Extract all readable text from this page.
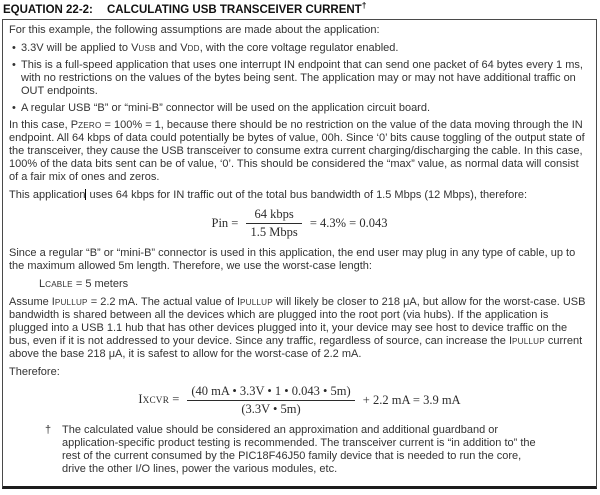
EQUATION 22-2:	CALCULATING USB TRANSCEIVER CURRENT†

For this example, the following assumptions are made about the application:

• 3.3V will be applied to VUSB and VDD, with the core voltage regulator enabled.
• This is a full-speed application that uses one interrupt IN endpoint that can send one packet of 64 bytes every 1 ms, with no restrictions on the values of the bytes being sent. The application may or may not have additional traffic on OUT endpoints.
• A regular USB “B” or “mini-B” connector will be used on the application circuit board.

In this case, PZERO = 100% = 1, because there should be no restriction on the value of the data moving through the IN endpoint. All 64 kbps of data could potentially be bytes of value, 00h. Since ‘0’ bits cause toggling of the output state of the transceiver, they cause the USB transceiver to consume extra current charging/discharging the cable. In this case, 100% of the data bits sent can be of value, ‘0’. This should be considered the “max” value, as normal data will consist of a fair mix of ones and zeros.

This application uses 64 kbps for IN traffic out of the total bus bandwidth of 1.5 Mbps (12 Mbps), therefore:

Pin = $\frac{\text{64 kbps}}{\text{1.5 Mbps}} = 4.3\% = 0.043$

Since a regular “B” or “mini-B” connector is used in this application, the end user may plug in any type of cable, up to the maximum allowed 5m length. Therefore, we use the worst-case length:

LCABLE = 5 meters

Assume IPULLUP = 2.2 mA. The actual value of IPULLUP will likely be closer to 218 μA, but allow for the worst-case. USB bandwidth is shared between all the devices which are plugged into the root port (via hubs). If the application is plugged into a USB 1.1 hub that has other devices plugged into it, your device may see host to device traffic on the bus, even if it is not addressed to your device. Since any traffic, regardless of source, can increase the IPULLUP current above the base 218 μA, it is safest to allow for the worst-case of 2.2 mA.

Therefore:

IXCVR = $\frac{(40 mA • 3.3V • 1 • 0.043 • 5m)}{(3.3V • 5m)} + 2.2$ mA = 3.9 mA
† The calculated value should be considered an approximation and additional guardband or application-specific product testing is recommended. The transceiver current is “in addition to” the rest of the current consumed by the PIC18F46J50 family device that is needed to run the core, drive the other I/O lines, power the various modules, etc.
